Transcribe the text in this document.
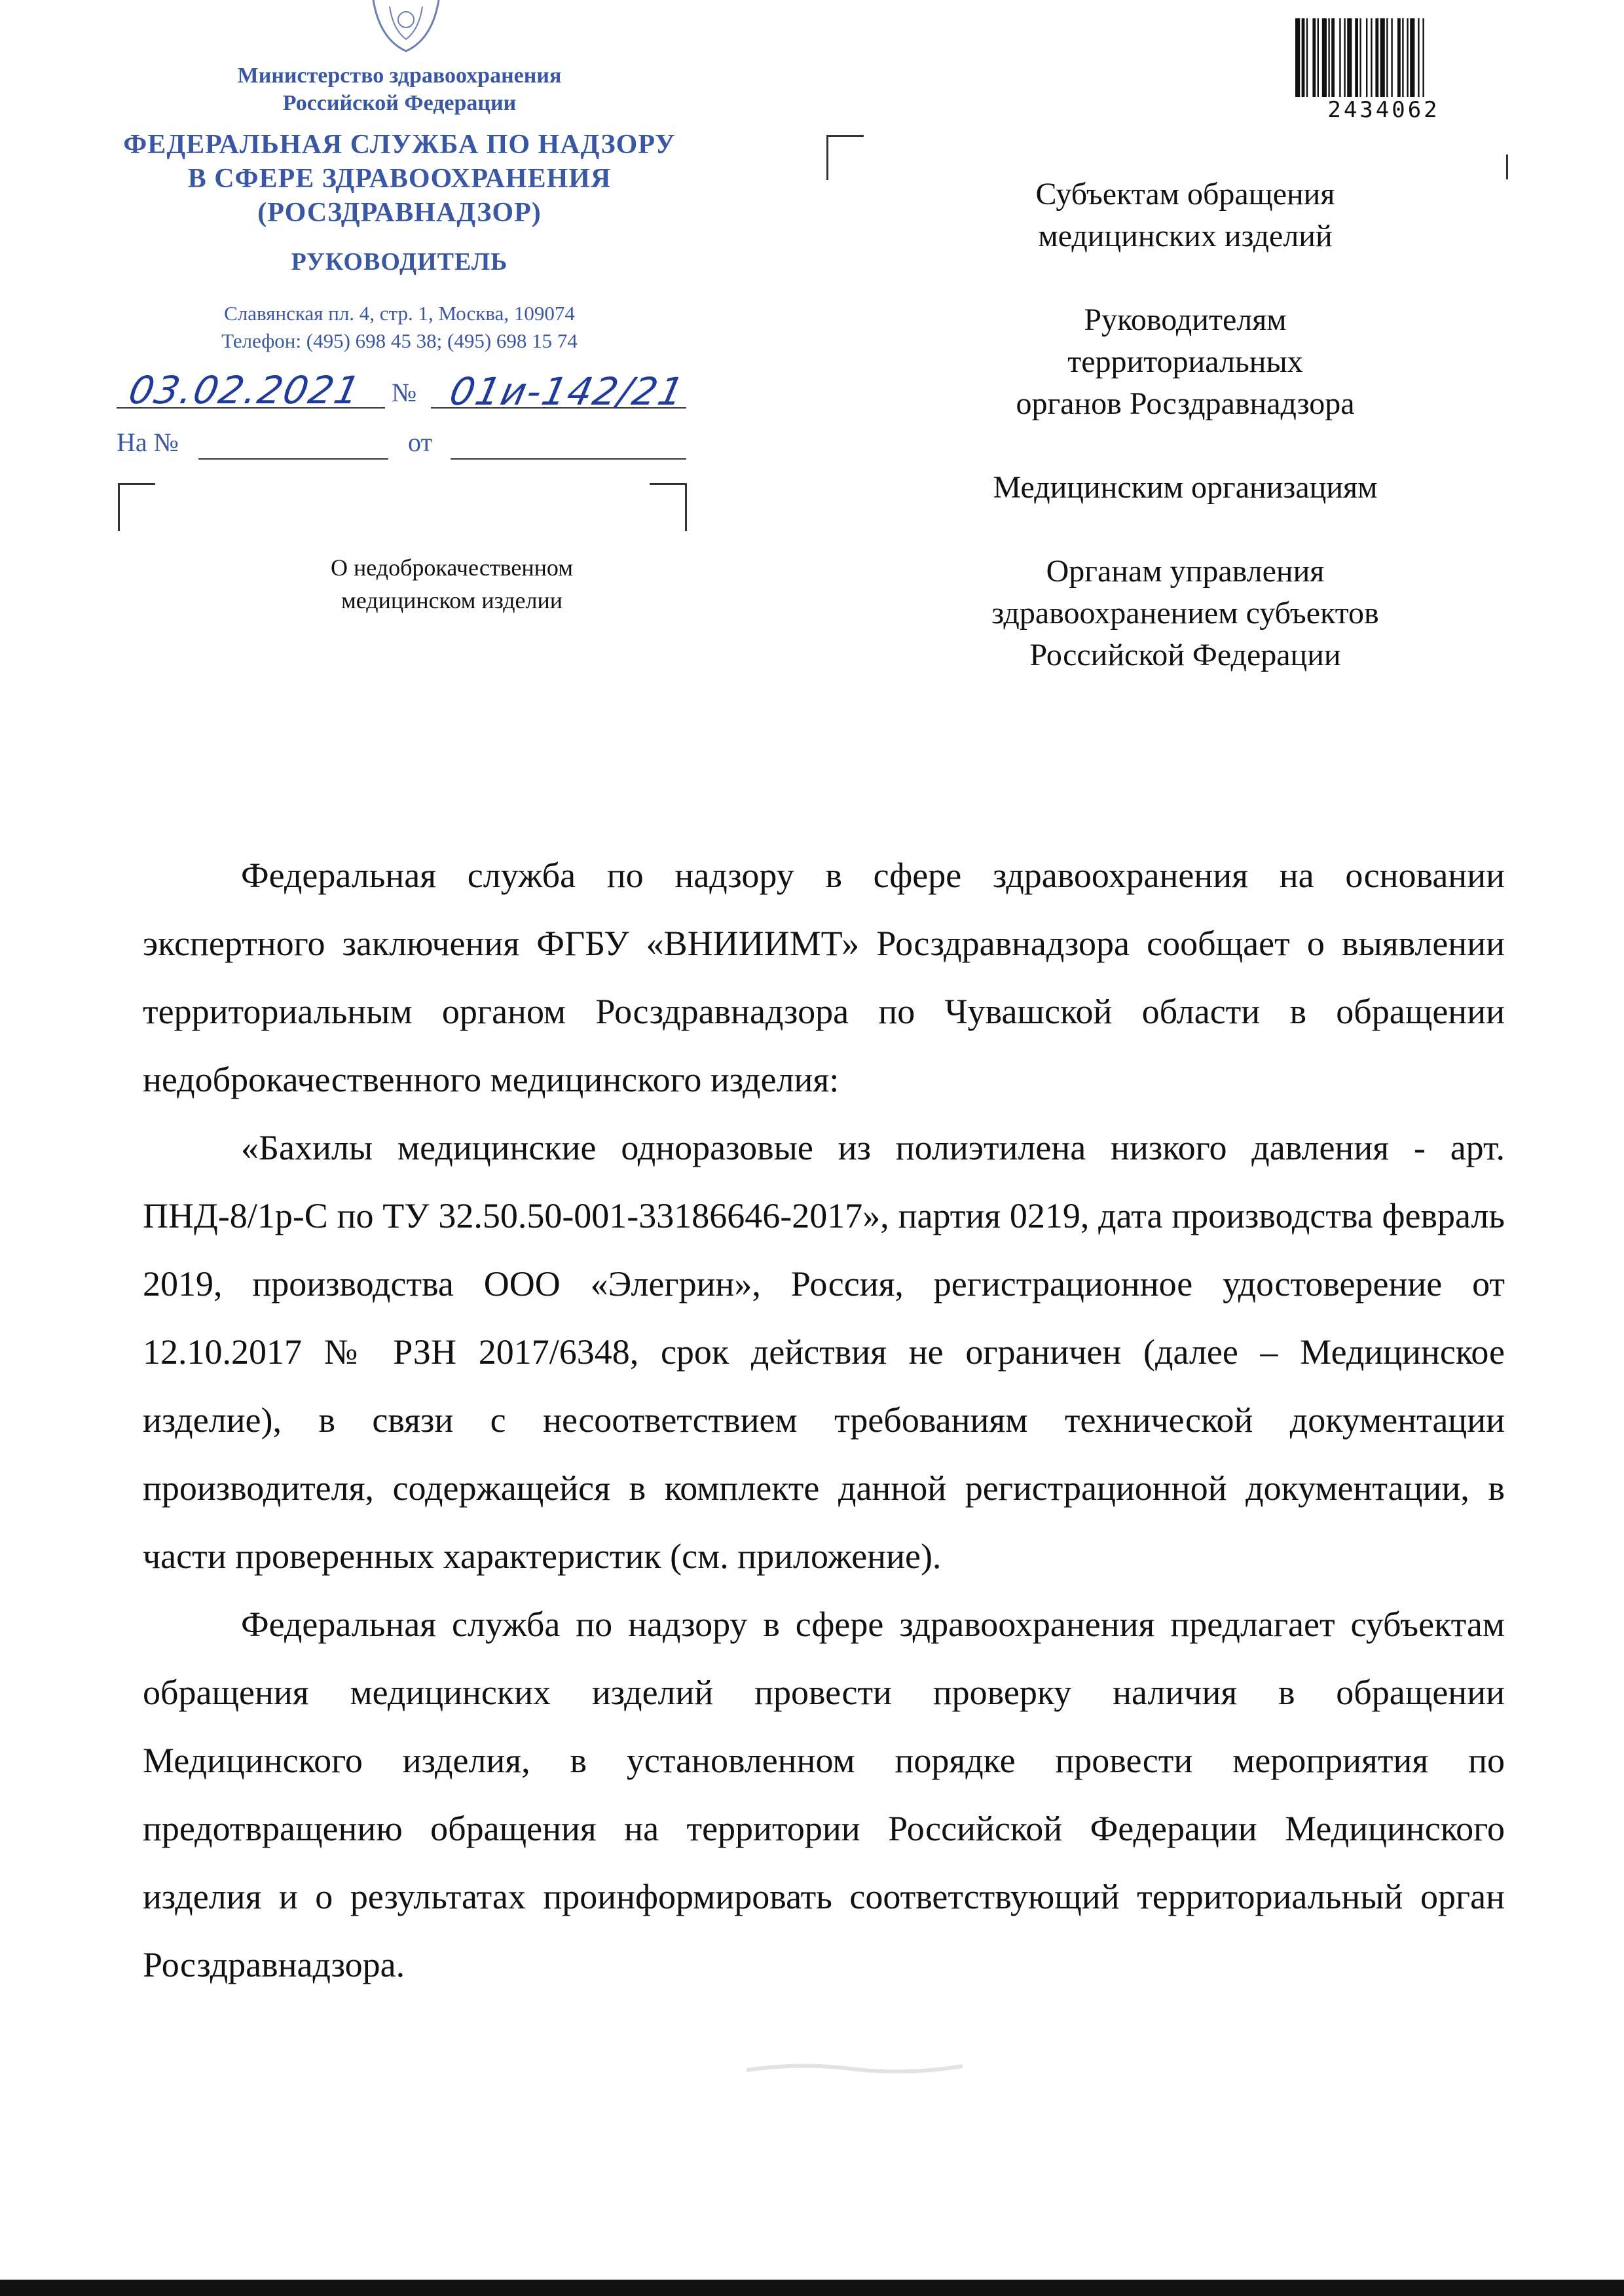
Министерство здравоохранения
Российской Федерации
ФЕДЕРАЛЬНАЯ СЛУЖБА ПО НАДЗОРУ
В СФЕРЕ ЗДРАВООХРАНЕНИЯ
(РОСЗДРАВНАДЗОР)
РУКОВОДИТЕЛЬ
Славянская пл. 4, стр. 1, Москва, 109074
Телефон: (495) 698 45 38; (495) 698 15 74
03.02.2021 № 01и-142/21
На №	от
О недоброкачественном
медицинском изделии
2434062
Субъектам обращения
медицинских изделий
Руководителям
территориальных
органов Росздравнадзора
Медицинским организациям
Органам управления
здравоохранением субъектов
Российской Федерации

Федеральная служба по надзору в сфере здравоохранения на основании экспертного заключения ФГБУ «ВНИИИМТ» Росздравнадзора сообщает о выявлении территориальным органом Росздравнадзора по Чувашской области в обращении недоброкачественного медицинского изделия:

«Бахилы медицинские одноразовые из полиэтилена низкого давления - арт. ПНД-8/1р-С по ТУ 32.50.50-001-33186646-2017», партия 0219, дата производства февраль 2019, производства ООО «Элегрин», Россия, регистрационное удостоверение от 12.10.2017 № РЗН 2017/6348, срок действия не ограничен (далее – Медицинское изделие), в связи с несоответствием требованиям технической документации производителя, содержащейся в комплекте данной регистрационной документации, в части проверенных характеристик (см. приложение).

Федеральная служба по надзору в сфере здравоохранения предлагает субъектам обращения медицинских изделий провести проверку наличия в обращении Медицинского изделия, в установленном порядке провести мероприятия по предотвращению обращения на территории Российской Федерации Медицинского изделия и о результатах проинформировать соответствующий территориальный орган Росздравнадзора.
